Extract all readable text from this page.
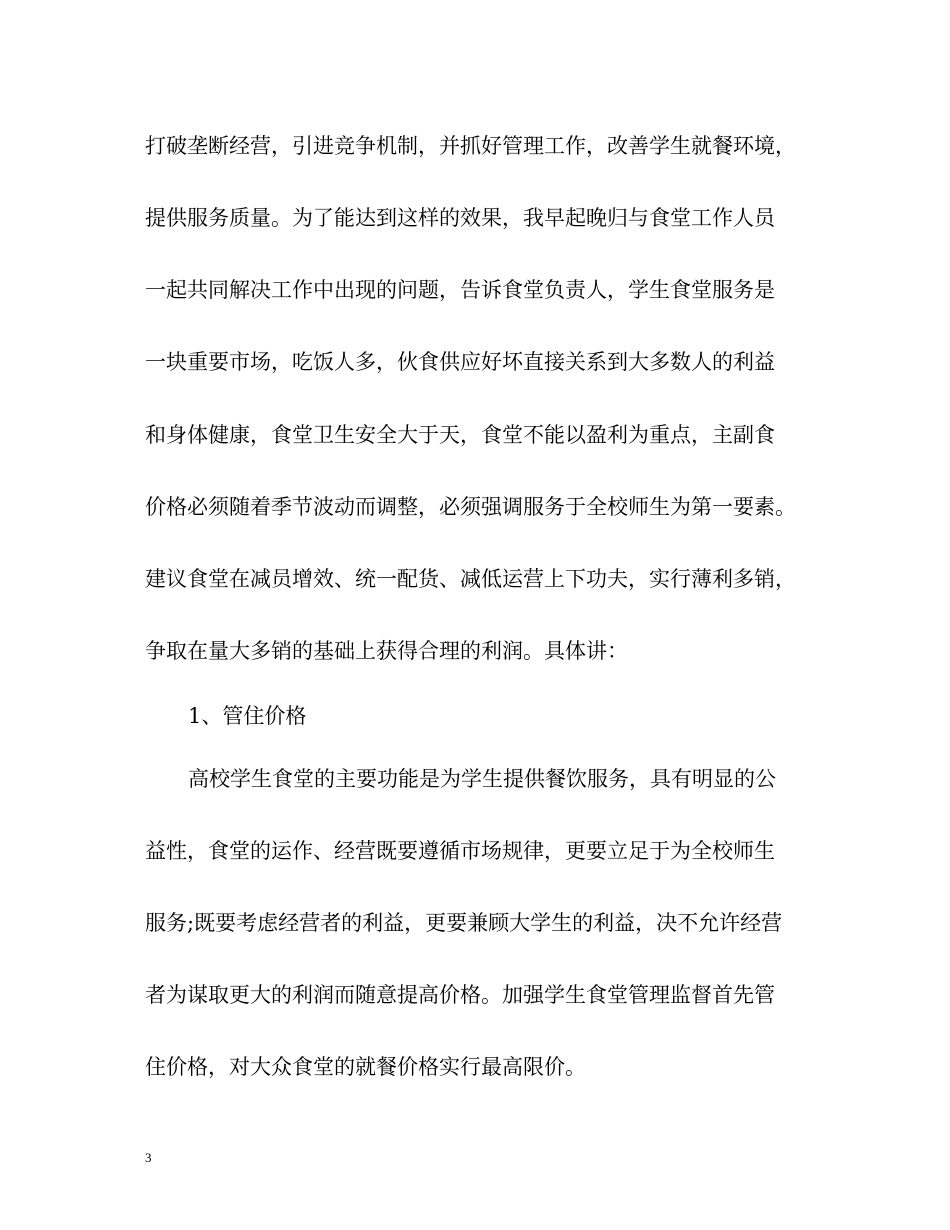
打破垄断经营，引进竞争机制，并抓好管理工作，改善学生就餐环境，
提供服务质量。为了能达到这样的效果，我早起晚归与食堂工作人员
一起共同解决工作中出现的问题，告诉食堂负责人，学生食堂服务是
一块重要市场，吃饭人多，伙食供应好坏直接关系到大多数人的利益
和身体健康，食堂卫生安全大于天，食堂不能以盈利为重点，主副食
价格必须随着季节波动而调整，必须强调服务于全校师生为第一要素。
建议食堂在减员增效、统一配货、减低运营上下功夫，实行薄利多销，
争取在量大多销的基础上获得合理的利润。具体讲：
1、管住价格
高校学生食堂的主要功能是为学生提供餐饮服务，具有明显的公
益性，食堂的运作、经营既要遵循市场规律，更要立足于为全校师生
服务;既要考虑经营者的利益，更要兼顾大学生的利益，决不允许经营
者为谋取更大的利润而随意提高价格。加强学生食堂管理监督首先管
住价格，对大众食堂的就餐价格实行最高限价。
3
